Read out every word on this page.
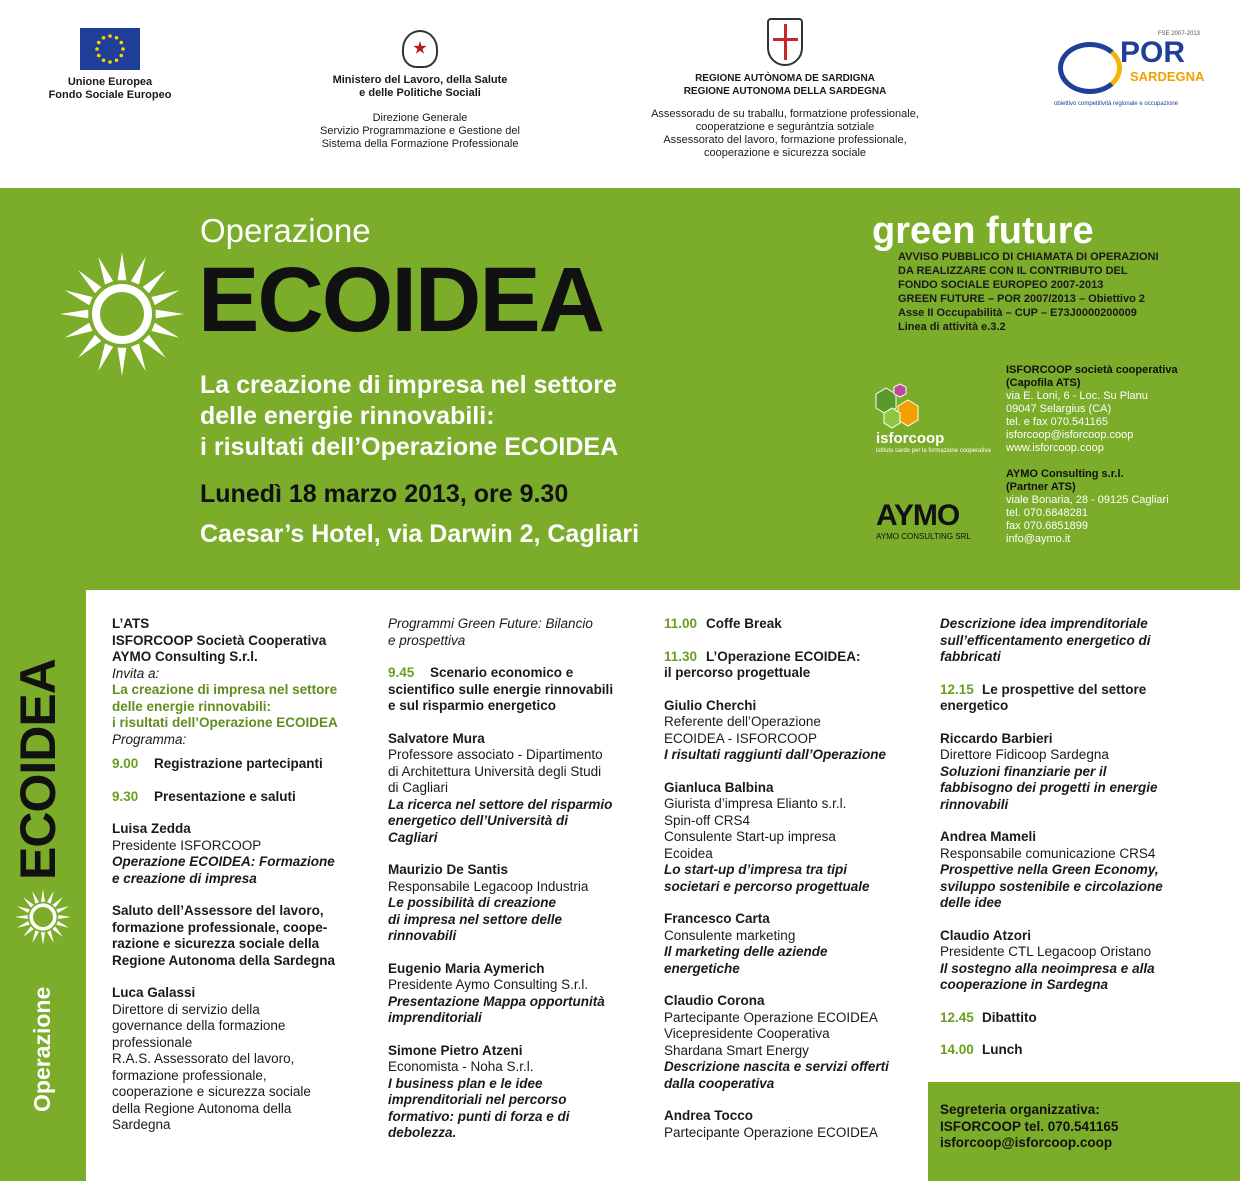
Unione Europea
Fondo Sociale Europeo
Ministero del Lavoro, della Salute
e delle Politiche Sociali
Direzione Generale
Servizio Programmazione e Gestione del
Sistema della Formazione Professionale
REGIONE AUTÒNOMA DE SARDIGNA
REGIONE AUTONOMA DELLA SARDEGNA
Assessoradu de su traballu, formatzione professionale,
cooperatzione e seguràntzia sotziale
Assessorato del lavoro, formazione professionale,
cooperazione e sicurezza sociale
FSE 2007-2013
POR
SARDEGNA
obiettivo competitività regionale e occupazione
Operazione
ECOIDEA
La creazione di impresa nel settore
delle energie rinnovabili:
i risultati dell’Operazione ECOIDEA
Lunedì 18 marzo 2013, ore 9.30
Caesar’s Hotel, via Darwin 2, Cagliari
green future
AVVISO PUBBLICO DI CHIAMATA DI OPERAZIONI
DA REALIZZARE CON IL CONTRIBUTO DEL
FONDO SOCIALE EUROPEO 2007-2013
GREEN FUTURE – POR 2007/2013 – Obiettivo 2
Asse II Occupabilità – CUP – E73J0000200009
Linea di attività e.3.2
isforcoop
istituto sardo per la formazione cooperativa
AYMO
AYMO CONSULTING SRL
ISFORCOOP società cooperativa
(Capofila ATS)
via E. Loni, 6 - Loc. Su Planu
09047 Selargius (CA)
tel. e fax 070.541165
isforcoop@isforcoop.coop
www.isforcoop.coop
AYMO Consulting s.r.l.
(Partner ATS)
viale Bonaria, 28 - 09125 Cagliari
tel. 070.6848281
fax 070.6851899
info@aymo.it
ECOIDEA
Operazione
L’ATS
ISFORCOOP Società Cooperativa
AYMO Consulting S.r.l.
Invita a:
La creazione di impresa nel settore
delle energie rinnovabili:
i risultati dell’Operazione ECOIDEA
Programma:
9.00 Registrazione partecipanti
9.30 Presentazione e saluti
Luisa Zedda
Presidente ISFORCOOP
Operazione ECOIDEA: Formazione
e creazione di impresa
Saluto dell’Assessore del lavoro,
formazione professionale, coope-
razione e sicurezza sociale della
Regione Autonoma della Sardegna
Luca Galassi
Direttore di servizio della
governance della formazione
professionale
R.A.S. Assessorato del lavoro,
formazione professionale,
cooperazione e sicurezza sociale
della Regione Autonoma della
Sardegna
Programmi Green Future: Bilancio
e prospettiva
9.45 Scenario economico e
scientifico sulle energie rinnovabili
e sul risparmio energetico
Salvatore Mura
Professore associato - Dipartimento
di Architettura Università degli Studi
di Cagliari
La ricerca nel settore del risparmio
energetico dell’Università di
Cagliari
Maurizio De Santis
Responsabile Legacoop Industria
Le possibilità di creazione
di impresa nel settore delle
rinnovabili
Eugenio Maria Aymerich
Presidente Aymo Consulting S.r.l.
Presentazione Mappa opportunità
imprenditoriali
Simone Pietro Atzeni
Economista - Noha S.r.l.
I business plan e le idee
imprenditoriali nel percorso
formativo: punti di forza e di
debolezza.
11.00 Coffe Break
11.30 L’Operazione ECOIDEA:
il percorso progettuale
Giulio Cherchi
Referente dell’Operazione
ECOIDEA - ISFORCOOP
I risultati raggiunti dall’Operazione
Gianluca Balbina
Giurista d’impresa Elianto s.r.l.
Spin-off CRS4
Consulente Start-up impresa
Ecoidea
Lo start-up d’impresa tra tipi
societari e percorso progettuale
Francesco Carta
Consulente marketing
Il marketing delle aziende
energetiche
Claudio Corona
Partecipante Operazione ECOIDEA
Vicepresidente Cooperativa
Shardana Smart Energy
Descrizione nascita e servizi offerti
dalla cooperativa
Andrea Tocco
Partecipante Operazione ECOIDEA
Descrizione idea imprenditoriale
sull’efficentamento energetico di
fabbricati
12.15 Le prospettive del settore
energetico
Riccardo Barbieri
Direttore Fidicoop Sardegna
Soluzioni finanziarie per il
fabbisogno dei progetti in energie
rinnovabili
Andrea Mameli
Responsabile comunicazione CRS4
Prospettive nella Green Economy,
sviluppo sostenibile e circolazione
delle idee
Claudio Atzori
Presidente CTL Legacoop Oristano
Il sostegno alla neoimpresa e alla
cooperazione in Sardegna
12.45 Dibattito
14.00 Lunch
Segreteria organizzativa:
ISFORCOOP tel. 070.541165
isforcoop@isforcoop.coop
